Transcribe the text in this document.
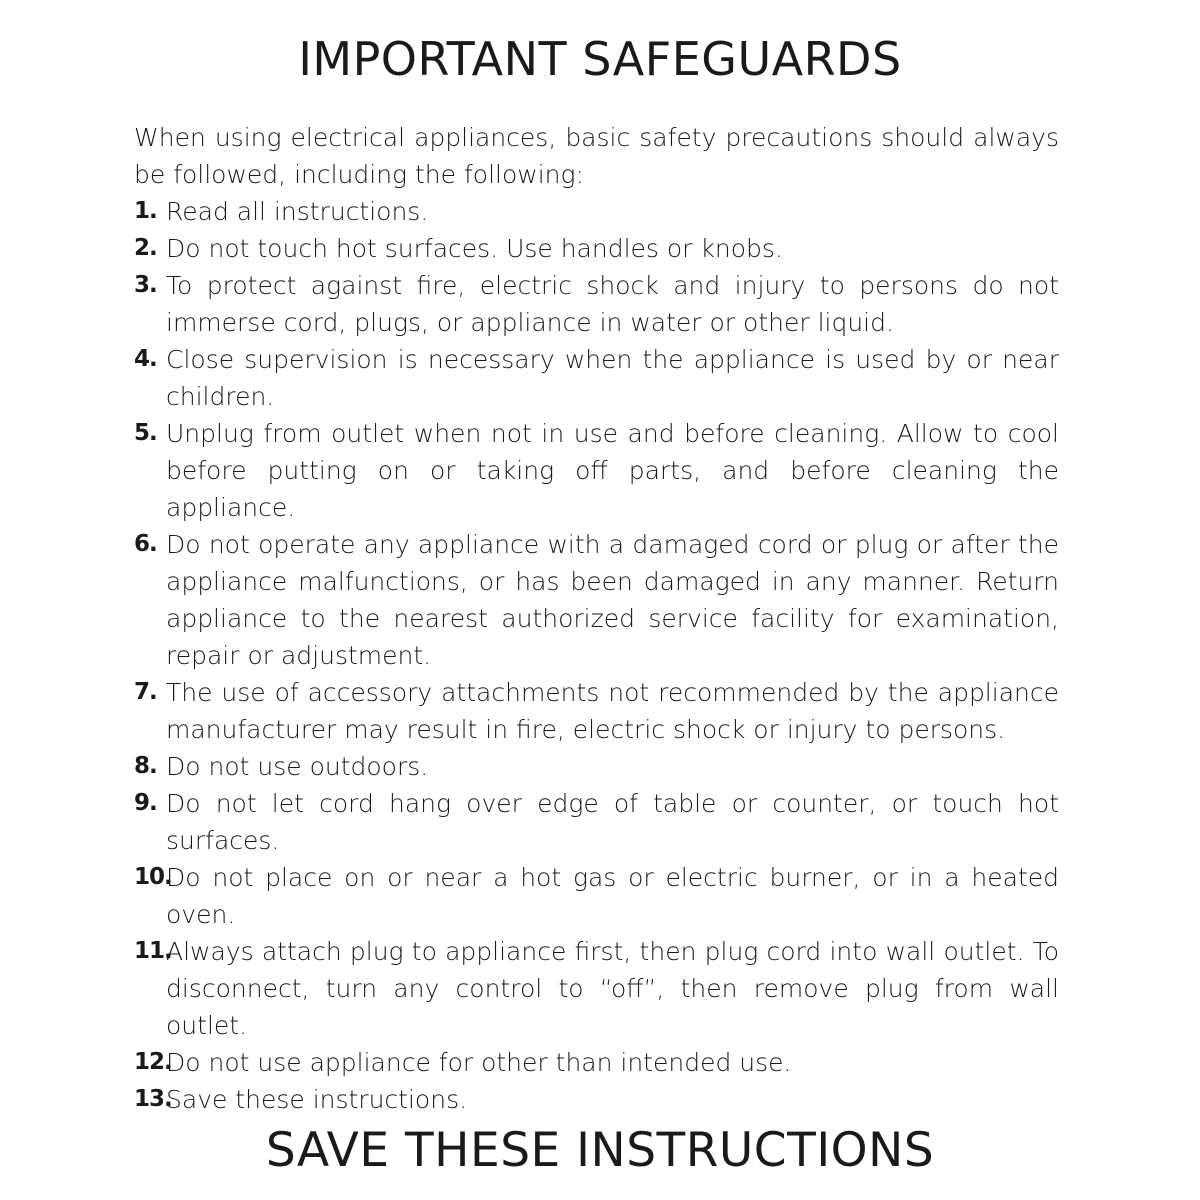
IMPORTANT SAFEGUARDS

When using electrical appliances, basic safety precautions should always be followed, including the following:

1. Read all instructions.
2. Do not touch hot surfaces. Use handles or knobs.
3. To protect against fire, electric shock and injury to persons do not immerse cord, plugs, or appliance in water or other liquid.
4. Close supervision is necessary when the appliance is used by or near children.
5. Unplug from outlet when not in use and before cleaning. Allow to cool before putting on or taking off parts, and before cleaning the appliance.
6. Do not operate any appliance with a damaged cord or plug or after the appliance malfunctions, or has been damaged in any manner. Return appliance to the nearest authorized service facility for examination, repair or adjustment.
7. The use of accessory attachments not recommended by the appliance manufacturer may result in fire, electric shock or injury to persons.
8. Do not use outdoors.
9. Do not let cord hang over edge of table or counter, or touch hot surfaces.
10.
Do not place on or near a hot gas or electric burner, or in a heated oven.
11.
Always attach plug to appliance first, then plug cord into wall outlet. To disconnect, turn any control to “off”, then remove plug from wall outlet.
12.
Do not use appliance for other than intended use.
13.
Save these instructions.
SAVE THESE INSTRUCTIONS
